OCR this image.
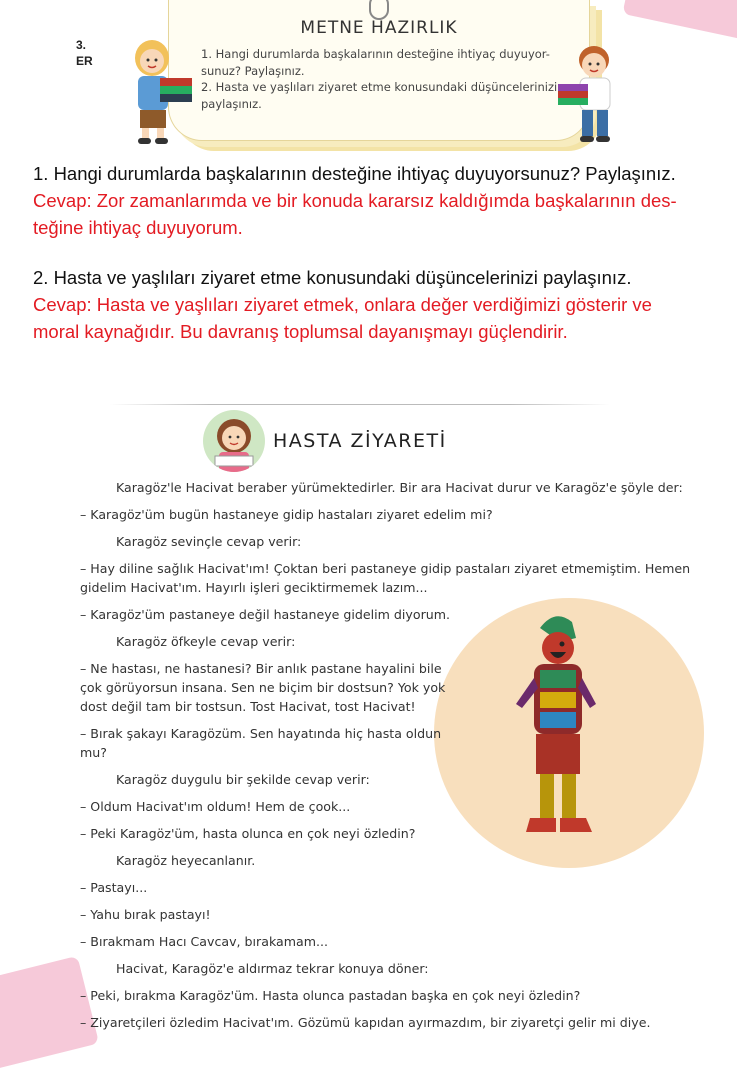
3.
ER
METNE HAZIRLIK

1. Hangi durumlarda başkalarının desteğine ihtiyaç duyuyor-

sunuz? Paylaşınız.

2. Hasta ve yaşlıları ziyaret etme konusundaki düşüncelerinizi

paylaşınız.

1. Hangi durumlarda başkalarının desteğine ihtiyaç duyuyorsunuz? Paylaşınız.

Cevap: Zor zamanlarımda ve bir konuda kararsız kaldığımda başkalarının des-

teğine ihtiyaç duyuyorum.

2. Hasta ve yaşlıları ziyaret etme konusundaki düşüncelerinizi paylaşınız.

Cevap: Hasta ve yaşlıları ziyaret etmek, onlara değer verdiğimizi gösterir ve

moral kaynağıdır. Bu davranış toplumsal dayanışmayı güçlendirir.

HASTA ZİYARETİ
Karagöz'le Hacivat beraber yürümektedirler. Bir ara Hacivat durur ve Karagöz'e şöyle der:
– Karagöz'üm bugün hastaneye gidip hastaları ziyaret edelim mi?
Karagöz sevinçle cevap verir:
– Hay diline sağlık Hacivat'ım! Çoktan beri pastaneye gidip pastaları ziyaret etmemiştim. Hemen
gidelim Hacivat'ım. Hayırlı işleri geciktirmemek lazım...
– Karagöz'üm pastaneye değil hastaneye gidelim diyorum.
Karagöz öfkeyle cevap verir:
– Ne hastası, ne hastanesi? Bir anlık pastane hayalini bile
çok görüyorsun insana. Sen ne biçim bir dostsun? Yok yok
dost değil tam bir tostsun. Tost Hacivat, tost Hacivat!
– Bırak şakayı Karagözüm. Sen hayatında hiç hasta oldun
mu?
Karagöz duygulu bir şekilde cevap verir:
– Oldum Hacivat'ım oldum! Hem de çook...
– Peki Karagöz'üm, hasta olunca en çok neyi özledin?
Karagöz heyecanlanır.
– Pastayı...
– Yahu bırak pastayı!
– Bırakmam Hacı Cavcav, bırakamam...
Hacivat, Karagöz'e aldırmaz tekrar konuya döner:
– Peki, bırakma Karagöz'üm. Hasta olunca pastadan başka en çok neyi özledin?
– Ziyaretçileri özledim Hacivat'ım. Gözümü kapıdan ayırmazdım, bir ziyaretçi gelir mi diye.
